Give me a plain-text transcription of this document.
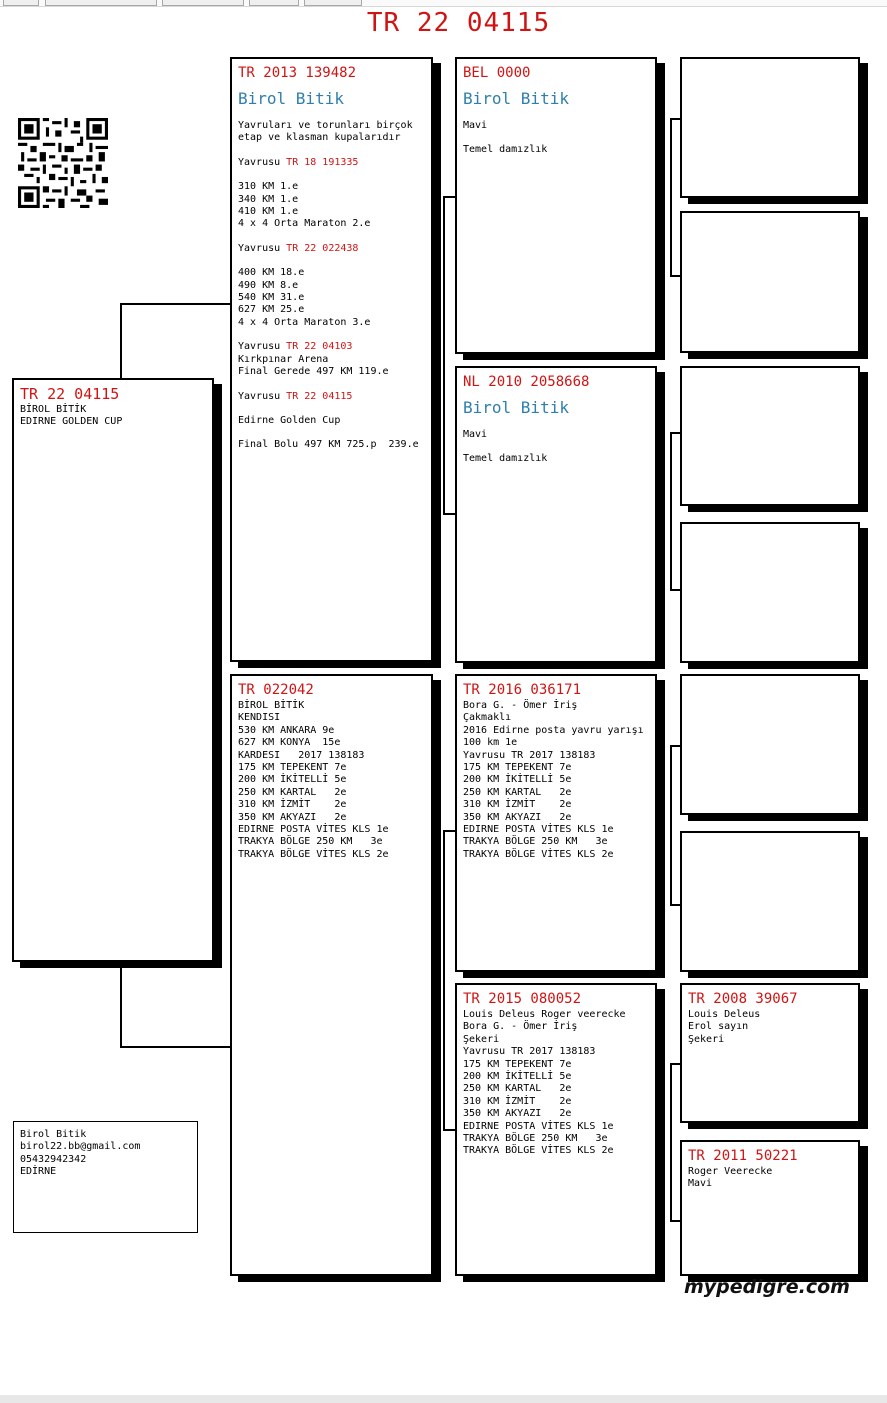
TR 22 04115
TR 22 04115
BİROL BİTİK
EDIRNE GOLDEN CUP
TR 2013 139482
Birol Bitik
Yavruları ve torunları birçok
etap ve klasman kupalarıdır
Yavrusu TR 18 191335
310 KM 1.e
340 KM 1.e
410 KM 1.e
4 x 4 Orta Maraton 2.e
Yavrusu TR 22 022438
400 KM 18.e
490 KM 8.e
540 KM 31.e
627 KM 25.e
4 x 4 Orta Maraton 3.e
Yavrusu TR 22 04103
Kırkpınar Arena
Final Gerede 497 KM 119.e
Yavrusu TR 22 04115
Edirne Golden Cup
Final Bolu 497 KM 725.p  239.e
TR 022042
BİROL BİTİK
KENDISI
530 KM ANKARA 9e
627 KM KONYA  15e
KARDESI   2017 138183
175 KM TEPEKENT 7e
200 KM İKİTELLİ 5e
250 KM KARTAL   2e
310 KM İZMİT    2e
350 KM AKYAZI   2e
EDIRNE POSTA VİTES KLS 1e
TRAKYA BÖLGE 250 KM   3e
TRAKYA BÖLGE VİTES KLS 2e
BEL 0000
Birol Bitik
Mavi
Temel damızlık
NL 2010 2058668
Birol Bitik
Mavi
Temel damızlık
TR 2016 036171
Bora G. - Ömer İriş
Çakmaklı
2016 Edirne posta yavru yarışı
100 km 1e
Yavrusu TR 2017 138183
175 KM TEPEKENT 7e
200 KM İKİTELLİ 5e
250 KM KARTAL   2e
310 KM İZMİT    2e
350 KM AKYAZI   2e
EDIRNE POSTA VİTES KLS 1e
TRAKYA BÖLGE 250 KM   3e
TRAKYA BÖLGE VİTES KLS 2e
TR 2015 080052
Louis Deleus Roger veerecke
Bora G. - Ömer İriş
Şekeri
Yavrusu TR 2017 138183
175 KM TEPEKENT 7e
200 KM İKİTELLİ 5e
250 KM KARTAL   2e
310 KM İZMİT    2e
350 KM AKYAZI   2e
EDIRNE POSTA VİTES KLS 1e
TRAKYA BÖLGE 250 KM   3e
TRAKYA BÖLGE VİTES KLS 2e
TR 2008 39067
Louis Deleus
Erol sayın
Şekeri
TR 2011 50221
Roger Veerecke
Mavi
Birol Bitik
birol22.bb@gmail.com
05432942342
EDİRNE
mypedigre.com
